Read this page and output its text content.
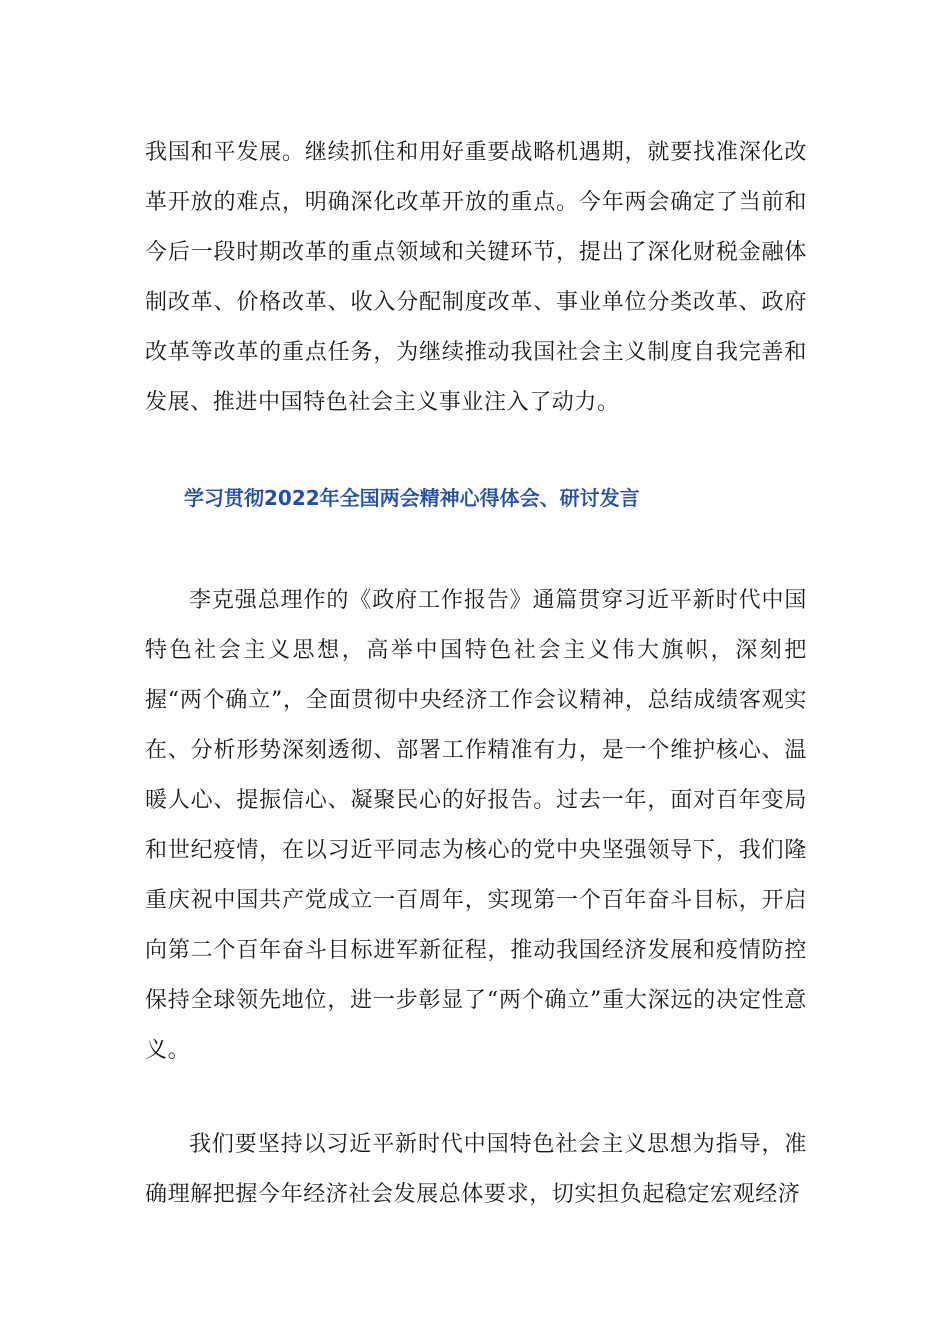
我国和平发展。继续抓住和用好重要战略机遇期，就要找准深化改革开放的难点，明确深化改革开放的重点。今年两会确定了当前和今后一段时期改革的重点领域和关键环节，提出了深化财税金融体制改革、价格改革、收入分配制度改革、事业单位分类改革、政府改革等改革的重点任务，为继续推动我国社会主义制度自我完善和发展、推进中国特色社会主义事业注入了动力。

学习贯彻2022年全国两会精神心得体会、研讨发言

李克强总理作的《政府工作报告》通篇贯穿习近平新时代中国特色社会主义思想，高举中国特色社会主义伟大旗帜，深刻把握“两个确立”，全面贯彻中央经济工作会议精神，总结成绩客观实在、分析形势深刻透彻、部署工作精准有力，是一个维护核心、温暖人心、提振信心、凝聚民心的好报告。过去一年，面对百年变局和世纪疫情，在以习近平同志为核心的党中央坚强领导下，我们隆重庆祝中国共产党成立一百周年，实现第一个百年奋斗目标，开启向第二个百年奋斗目标进军新征程，推动我国经济发展和疫情防控保持全球领先地位，进一步彰显了“两个确立”重大深远的决定性意义。

我们要坚持以习近平新时代中国特色社会主义思想为指导，准确理解把握今年经济社会发展总体要求，切实担负起稳定宏观经济
